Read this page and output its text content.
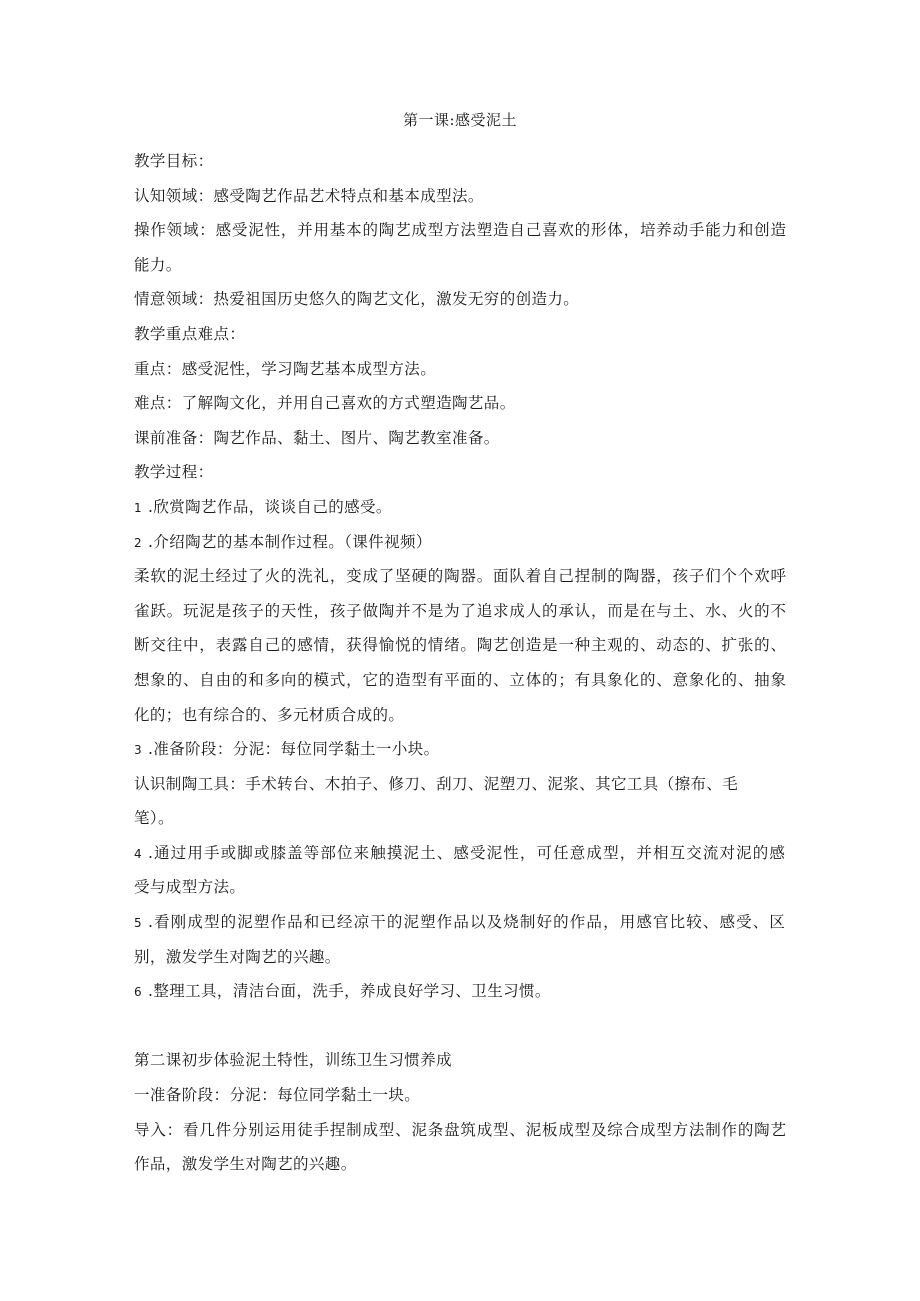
第一课:感受泥土
教学目标：
认知领域：感受陶艺作品艺术特点和基本成型法。
操作领域：感受泥性，并用基本的陶艺成型方法塑造自己喜欢的形体，培养动手能力和创造
能力。
情意领域：热爱祖国历史悠久的陶艺文化，激发无穷的创造力。
教学重点难点：
重点：感受泥性，学习陶艺基本成型方法。
难点：了解陶文化，并用自己喜欢的方式塑造陶艺品。
课前准备：陶艺作品、黏土、图片、陶艺教室准备。
教学过程：
1 .欣赏陶艺作品，谈谈自己的感受。
2 .介绍陶艺的基本制作过程。（课件视频）
柔软的泥土经过了火的洗礼，变成了坚硬的陶器。面队着自己捏制的陶器，孩子们个个欢呼
雀跃。玩泥是孩子的天性，孩子做陶并不是为了追求成人的承认，而是在与土、水、火的不
断交往中，表露自己的感情，获得愉悦的情绪。陶艺创造是一种主观的、动态的、扩张的、
想象的、自由的和多向的模式，它的造型有平面的、立体的；有具象化的、意象化的、抽象
化的；也有综合的、多元材质合成的。
3 .准备阶段：分泥：每位同学黏土一小块。
认识制陶工具：手术转台、木拍子、修刀、刮刀、泥塑刀、泥浆、其它工具（擦布、毛
笔）。
4 .通过用手或脚或膝盖等部位来触摸泥土、感受泥性，可任意成型，并相互交流对泥的感
受与成型方法。
5 .看刚成型的泥塑作品和已经凉干的泥塑作品以及烧制好的作品，用感官比较、感受、区
别，激发学生对陶艺的兴趣。
6 .整理工具，清洁台面，洗手，养成良好学习、卫生习惯。
第二课初步体验泥土特性，训练卫生习惯养成
一准备阶段：分泥：每位同学黏土一块。
导入：看几件分别运用徒手捏制成型、泥条盘筑成型、泥板成型及综合成型方法制作的陶艺
作品，激发学生对陶艺的兴趣。
